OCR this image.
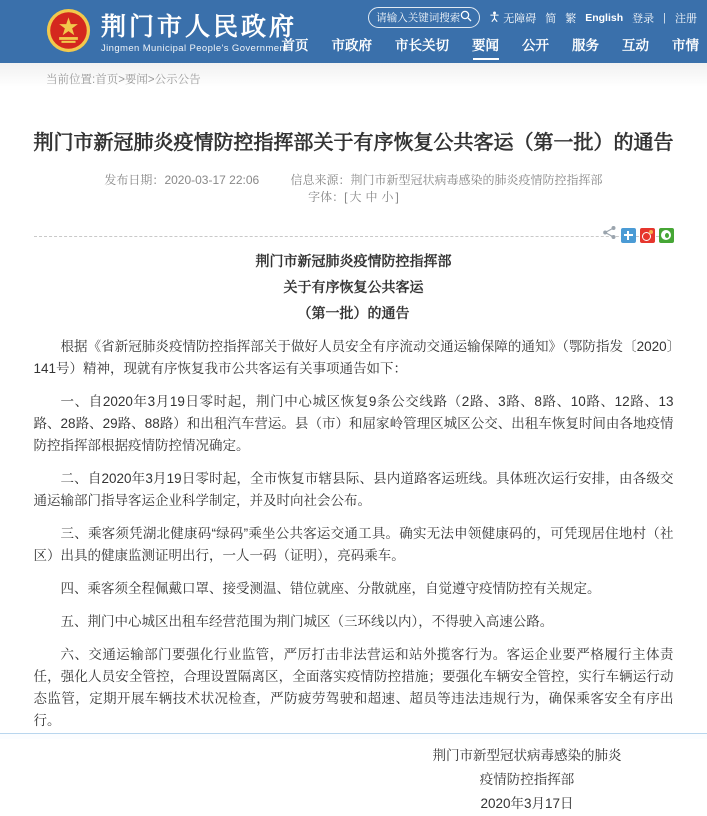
荆门市人民政府
Jingmen Municipal People's Government
请输入关键词搜索
无障碍 简 繁 English 登录 | 注册
首页 市政府 市长关切 要闻 公开 服务 互动 市情
当前位置:首页>要闻>公示公告
荆门市新冠肺炎疫情防控指挥部关于有序恢复公共客运（第一批）的通告
发布日期：2020-03-17 22:06	信息来源：荆门市新型冠状病毒感染的肺炎疫情防控指挥部 字体：[ 大 中 小 ]
荆门市新冠肺炎疫情防控指挥部
关于有序恢复公共客运
（第一批）的通告

根据《省新冠肺炎疫情防控指挥部关于做好人员安全有序流动交通运输保障的通知》（鄂防指发〔2020〕141号）精神，现就有序恢复我市公共客运有关事项通告如下：

一、自2020年3月19日零时起，荆门中心城区恢复9条公交线路（2路、3路、8路、10路、12路、13路、28路、29路、88路）和出租汽车营运。县（市）和屈家岭管理区城区公交、出租车恢复时间由各地疫情防控指挥部根据疫情防控情况确定。

二、自2020年3月19日零时起，全市恢复市辖县际、县内道路客运班线。具体班次运行安排，由各级交通运输部门指导客运企业科学制定，并及时向社会公布。

三、乘客须凭湖北健康码“绿码”乘坐公共客运交通工具。确实无法申领健康码的，可凭现居住地村（社区）出具的健康监测证明出行，一人一码（证明），亮码乘车。

四、乘客须全程佩戴口罩、接受测温、错位就座、分散就座，自觉遵守疫情防控有关规定。

五、荆门中心城区出租车经营范围为荆门城区（三环线以内），不得驶入高速公路。

六、交通运输部门要强化行业监管，严厉打击非法营运和站外揽客行为。客运企业要严格履行主体责任，强化人员安全管控，合理设置隔离区，全面落实疫情防控措施；要强化车辆安全管控，实行车辆运行动态监管，定期开展车辆技术状况检查，严防疲劳驾驶和超速、超员等违法违规行为，确保乘客安全有序出行。

荆门市新型冠状病毒感染的肺炎
疫情防控指挥部
2020年3月17日
